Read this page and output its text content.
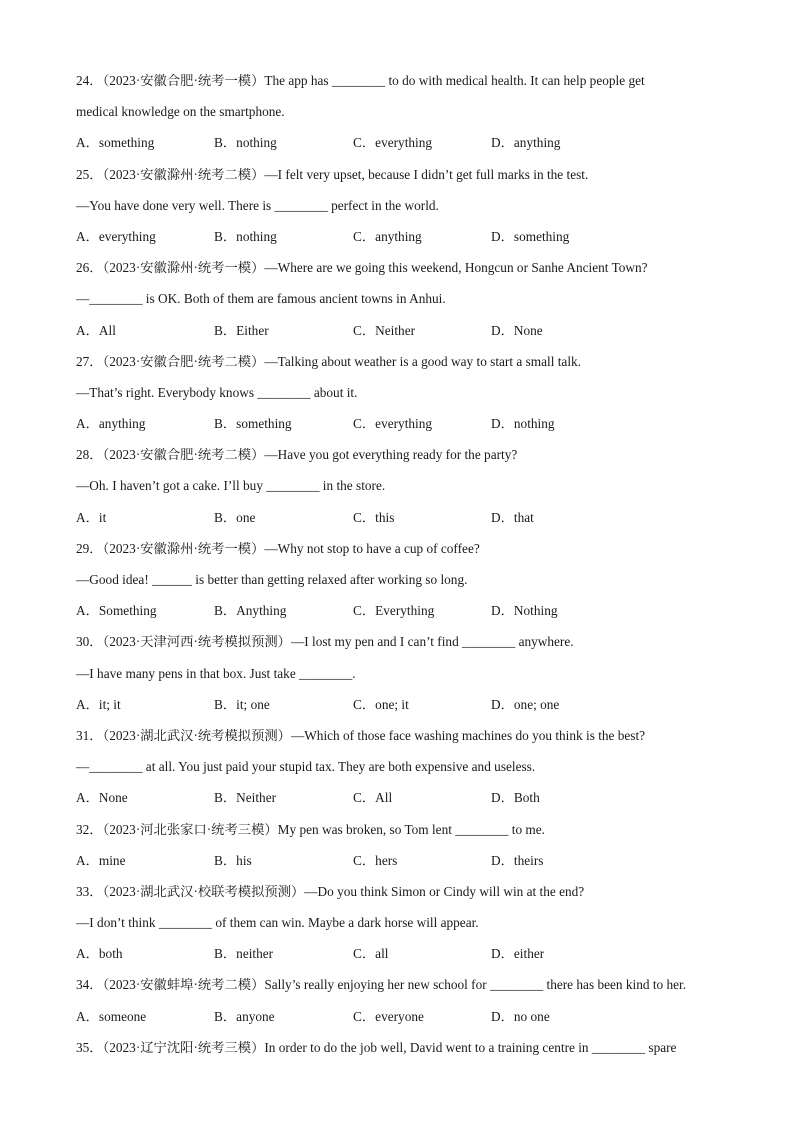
24．（2023·安徽合肥·统考一模）The app has ________ to do with medical health. It can help people get
medical knowledge on the smartphone.
A．something	B．nothing	C．everything	D．anything
25．（2023·安徽滁州·统考二模）—I felt very upset, because I didn’t get full marks in the test.
—You have done very well. There is ________ perfect in the world.
A．everything	B．nothing	C．anything	D．something
26．（2023·安徽滁州·统考一模）—Where are we going this weekend, Hongcun or Sanhe Ancient Town?
—________ is OK. Both of them are famous ancient towns in Anhui.
A．All	B．Either	C．Neither	D．None
27．（2023·安徽合肥·统考二模）—Talking about weather is a good way to start a small talk.
—That’s right. Everybody knows ________ about it.
A．anything	B．something	C．everything	D．nothing
28．（2023·安徽合肥·统考二模）—Have you got everything ready for the party?
—Oh. I haven’t got a cake. I’ll buy ________ in the store.
A．it	B．one	C．this	D．that
29．（2023·安徽滁州·统考一模）—Why not stop to have a cup of coffee?
—Good idea! ______ is better than getting relaxed after working so long.
A．Something	B．Anything	C．Everything	D．Nothing
30．（2023·天津河西·统考模拟预测）—I lost my pen and I can’t find ________ anywhere.
—I have many pens in that box. Just take ________.
A．it; it	B．it; one	C．one; it	D．one; one
31．（2023·湖北武汉·统考模拟预测）—Which of those face washing machines do you think is the best?
—________ at all. You just paid your stupid tax. They are both expensive and useless.
A．None	B．Neither	C．All	D．Both
32．（2023·河北张家口·统考三模）My pen was broken, so Tom lent ________ to me.
A．mine	B．his	C．hers	D．theirs
33．（2023·湖北武汉·校联考模拟预测）—Do you think Simon or Cindy will win at the end?
—I don’t think ________ of them can win. Maybe a dark horse will appear.
A．both	B．neither	C．all	D．either
34．（2023·安徽蚌埠·统考二模）Sally’s really enjoying her new school for ________ there has been kind to her.
A．someone	B．anyone	C．everyone	D．no one
35．（2023·辽宁沈阳·统考三模）In order to do the job well, David went to a training centre in ________ spare
